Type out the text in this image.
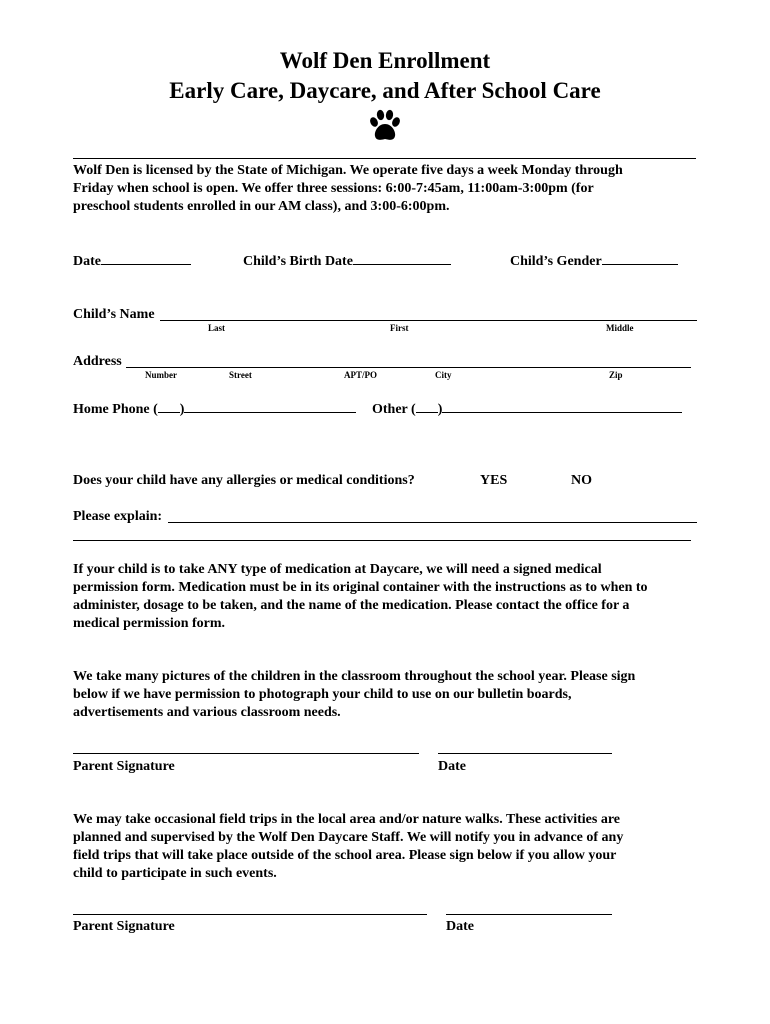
Wolf Den Enrollment
Early Care, Daycare, and After School Care
Wolf Den is licensed by the State of Michigan. We operate five days a week Monday through
Friday when school is open. We offer three sessions: 6:00-7:45am, 11:00am-3:00pm (for
preschool students enrolled in our AM class), and 3:00-6:00pm.
Date	Child’s Birth Date	Child’s Gender
Child’s Name
Last	First	Middle
Address
Number	Street	APT/PO	City	Zip
Home Phone ( )	Other ( )
Does your child have any allergies or medical conditions?	YES	NO
Please explain:
If your child is to take ANY type of medication at Daycare, we will need a signed medical
permission form. Medication must be in its original container with the instructions as to when to
administer, dosage to be taken, and the name of the medication. Please contact the office for a
medical permission form.
We take many pictures of the children in the classroom throughout the school year. Please sign
below if we have permission to photograph your child to use on our bulletin boards,
advertisements and various classroom needs.
Parent Signature	Date
We may take occasional field trips in the local area and/or nature walks. These activities are
planned and supervised by the Wolf Den Daycare Staff. We will notify you in advance of any
field trips that will take place outside of the school area. Please sign below if you allow your
child to participate in such events.
Parent Signature	Date
